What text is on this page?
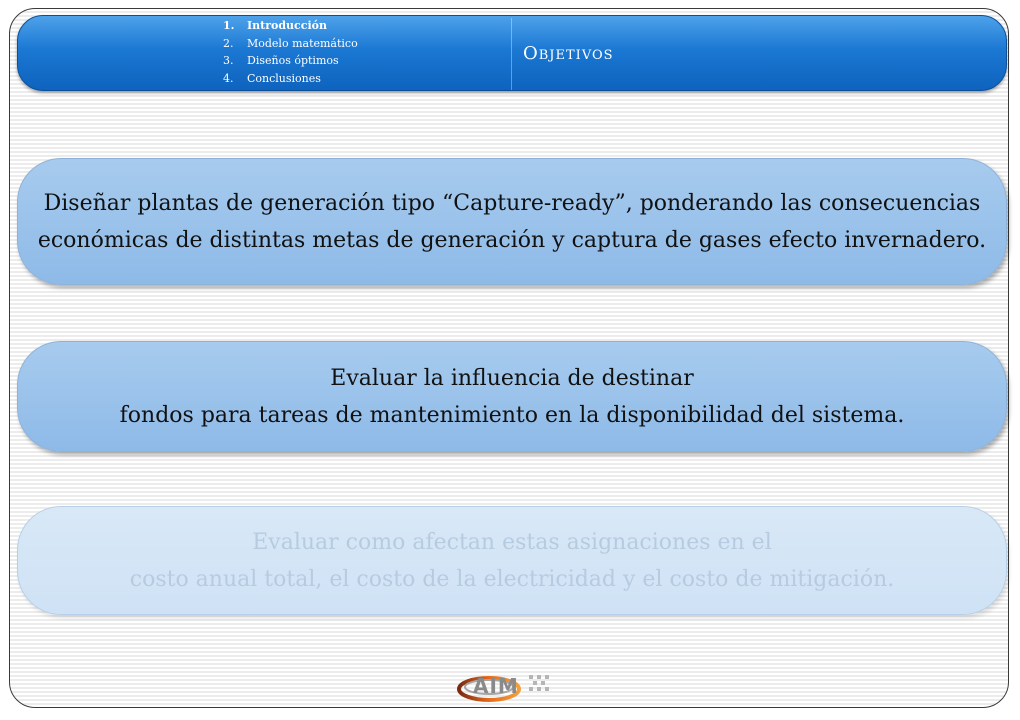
1. Introducción
2. Modelo matemático
3. Diseños óptimos
4. Conclusiones
Objetivos
Diseñar plantas de generación tipo “Capture-ready”, ponderando las consecuencias
económicas de distintas metas de generación y captura de gases efecto invernadero.
Evaluar la influencia de destinar
fondos para tareas de mantenimiento en la disponibilidad del sistema.
Evaluar como afectan estas asignaciones en el
costo anual total, el costo de la electricidad y el costo de mitigación.
AIM
